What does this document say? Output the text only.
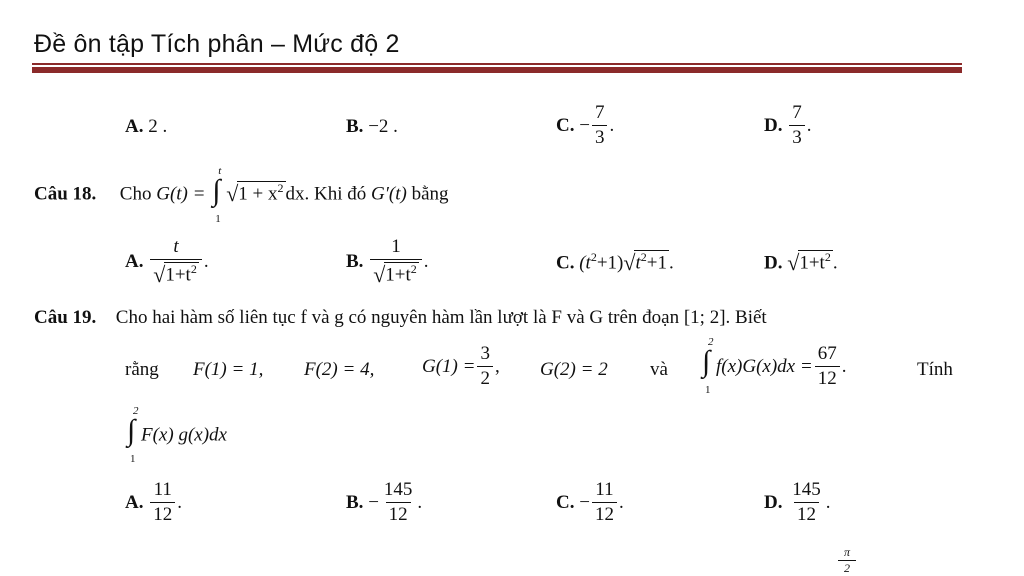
Đề ôn tập Tích phân – Mức độ 2
A. 2 .	B. −2 .	C. − $\frac{7}{3}$ .	D. $\frac{7}{3}$ .
Câu 18. Cho G(t) = ∫
t
1
$√1 + x^2$ dx. Khi đó G′(t) bằng
A. $\frac{t}{√1+t^2}$ .	B. $\frac{1}{√1+t^2}$ .	C. $(t^2+1)√t^2+1$ .	D. $√1+t^2$ .
Câu 19. Cho hai hàm số liên tục f và g có nguyên hàm lần lượt là F và G trên đoạn [1; 2]. Biết
rằng F(1) = 1, F(2) = 4,	$G(1) = \frac{3}{2}$ , G(2) = 2 và ∫
2
1
$f(x)G(x)dx = \frac{67}{12}$ .	Tính
∫
2
1
F(x) g(x)dx
A. $\frac{11}{12}$ .	B. − $\frac{145}{12}$ .	C. − $\frac{11}{12}$ .	D. $\frac{145}{12}$ .
π
2
